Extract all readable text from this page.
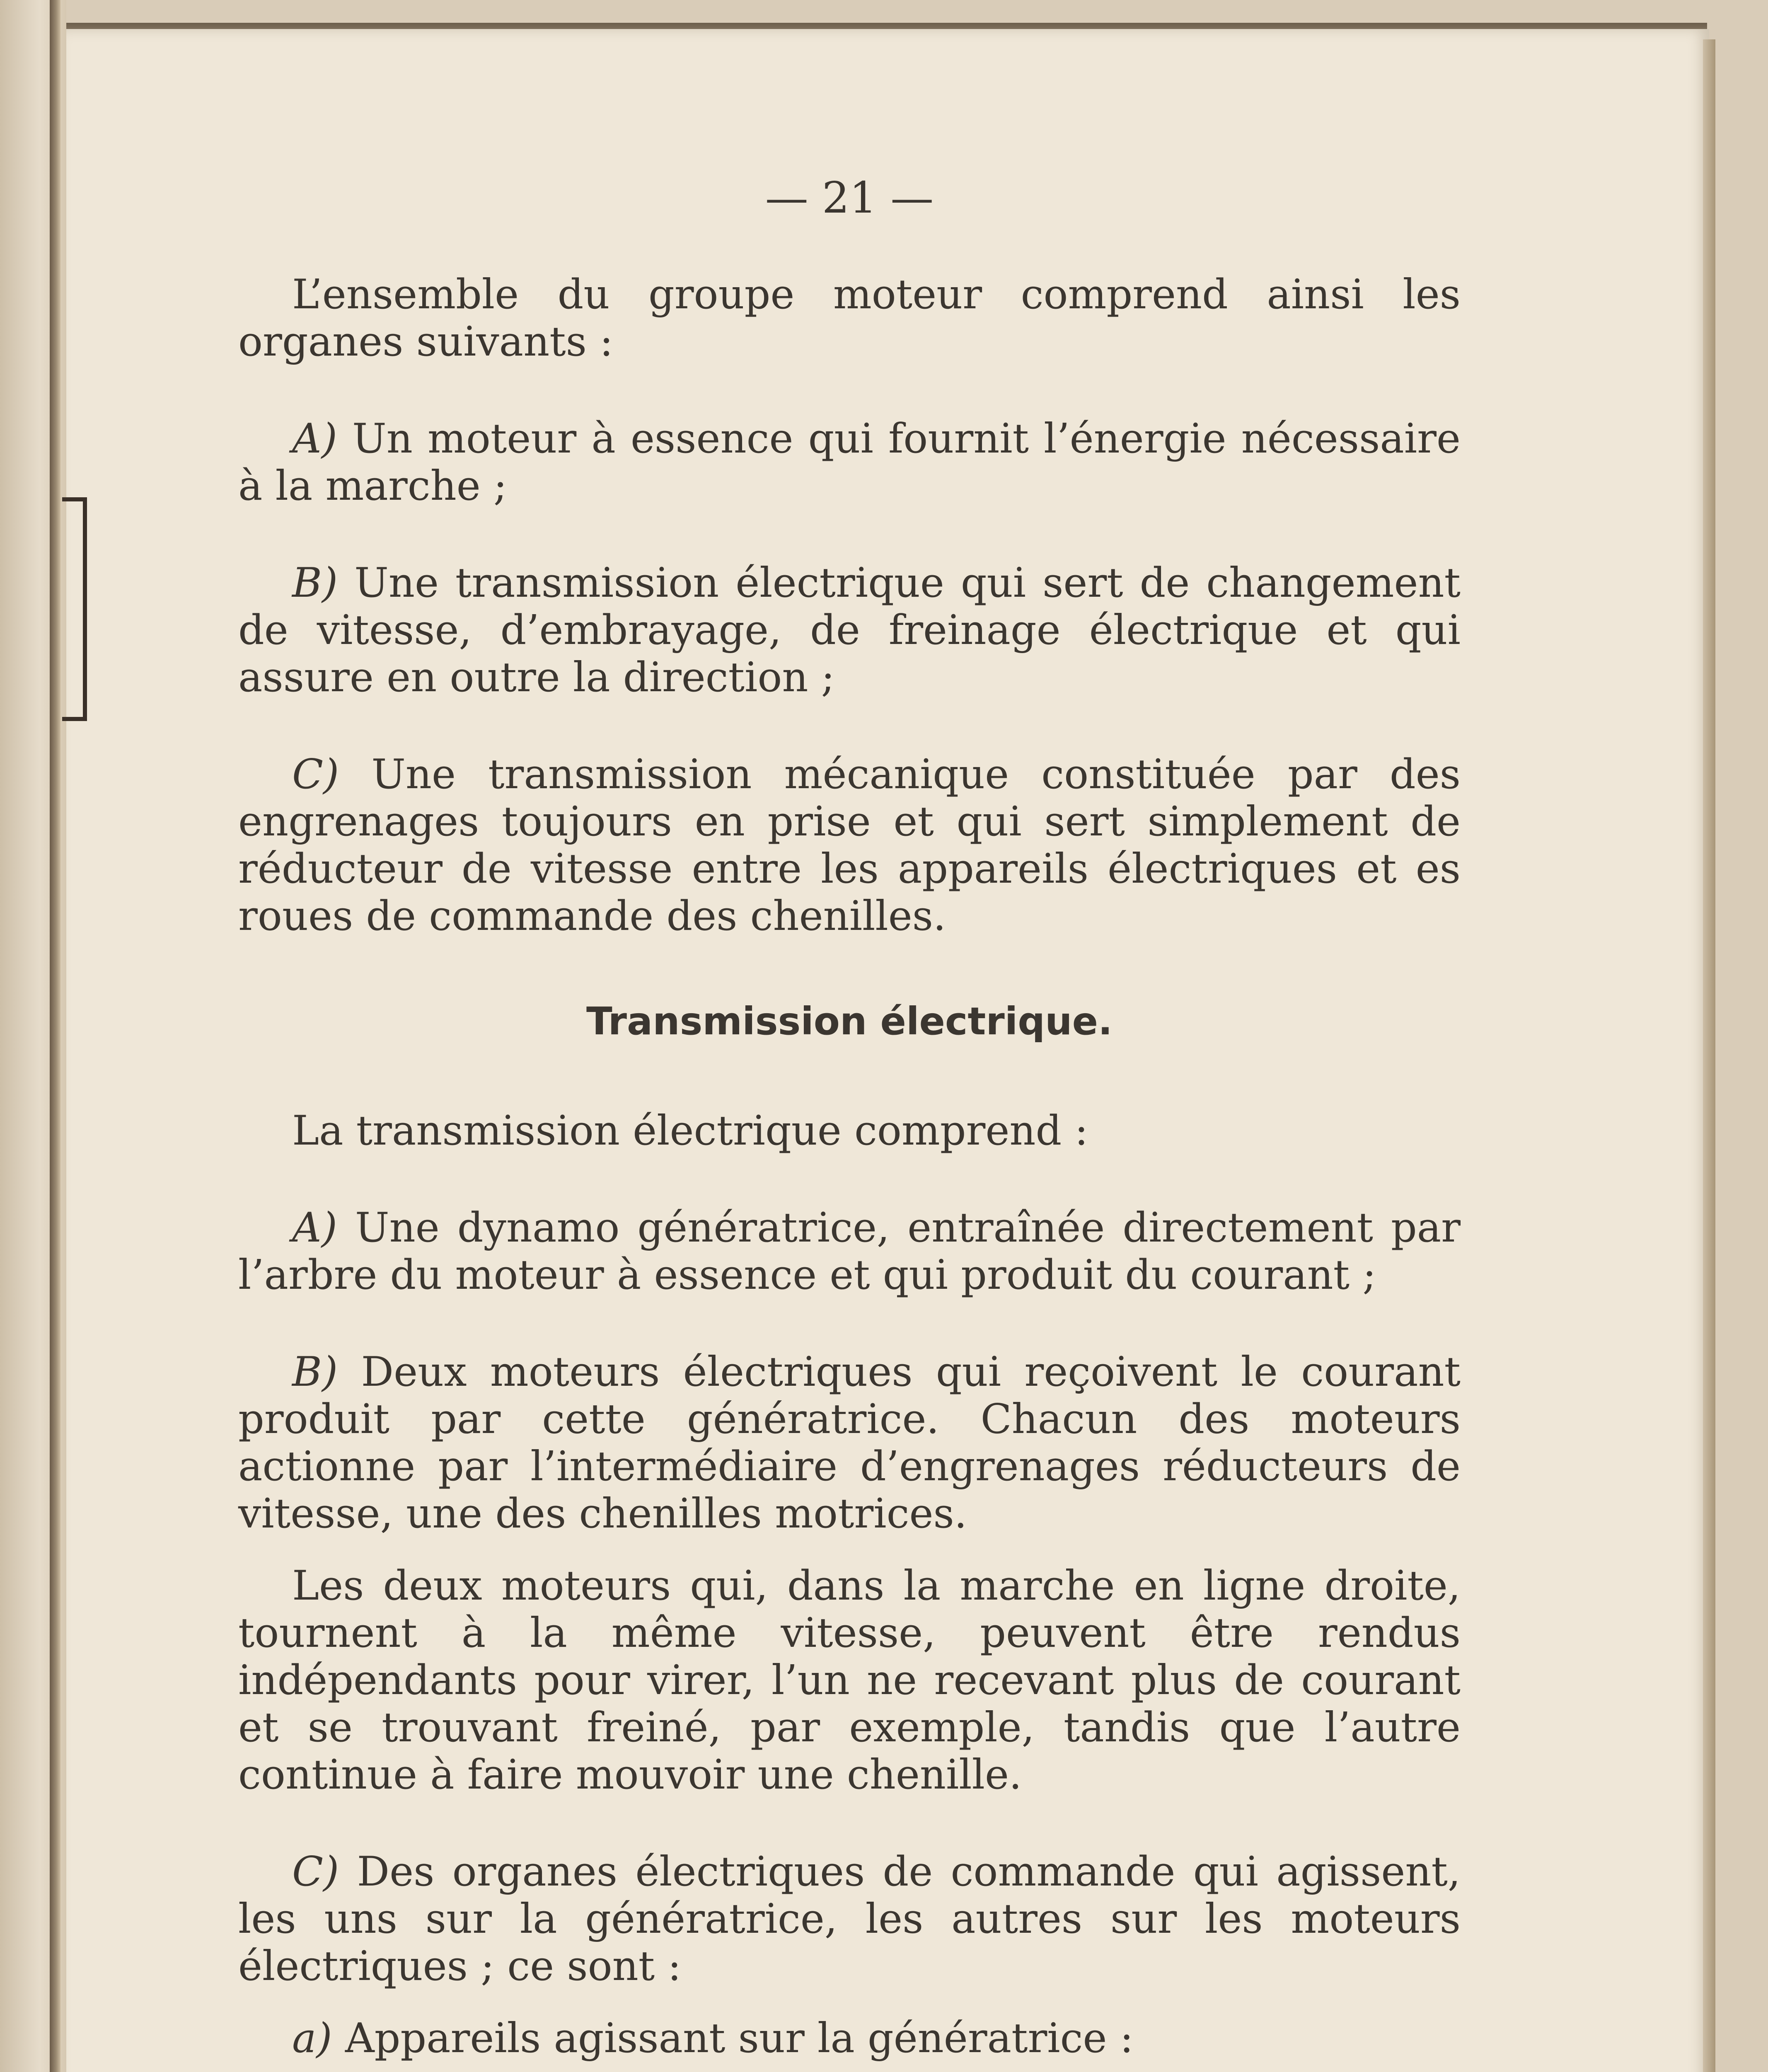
— 21 —

L’ensemble du groupe moteur comprend ainsi les organes suivants :

A) Un moteur à essence qui fournit l’énergie nécessaire à la marche ;

B) Une transmission électrique qui sert de changement de vitesse, d’embrayage, de freinage électrique et qui assure en outre la direction ;

C) Une transmission mécanique constituée par des engrenages toujours en prise et qui sert simplement de réducteur de vitesse entre les appareils électriques et es roues de commande des chenilles.

Transmission électrique.

La transmission électrique comprend :

A) Une dynamo génératrice, entraînée directement par l’arbre du moteur à essence et qui produit du courant ;

B) Deux moteurs électriques qui reçoivent le courant produit par cette génératrice. Chacun des moteurs actionne par l’intermédiaire d’engrenages réducteurs de vitesse, une des chenilles motrices.

Les deux moteurs qui, dans la marche en ligne droite, tournent à la même vitesse, peuvent être rendus indépendants pour virer, l’un ne recevant plus de courant et se trouvant freiné, par exemple, tandis que l’autre continue à faire mouvoir une chenille.

C) Des organes électriques de commande qui agissent, les uns sur la génératrice, les autres sur les moteurs électriques ; ce sont :

a) Appareils agissant sur la génératrice :
